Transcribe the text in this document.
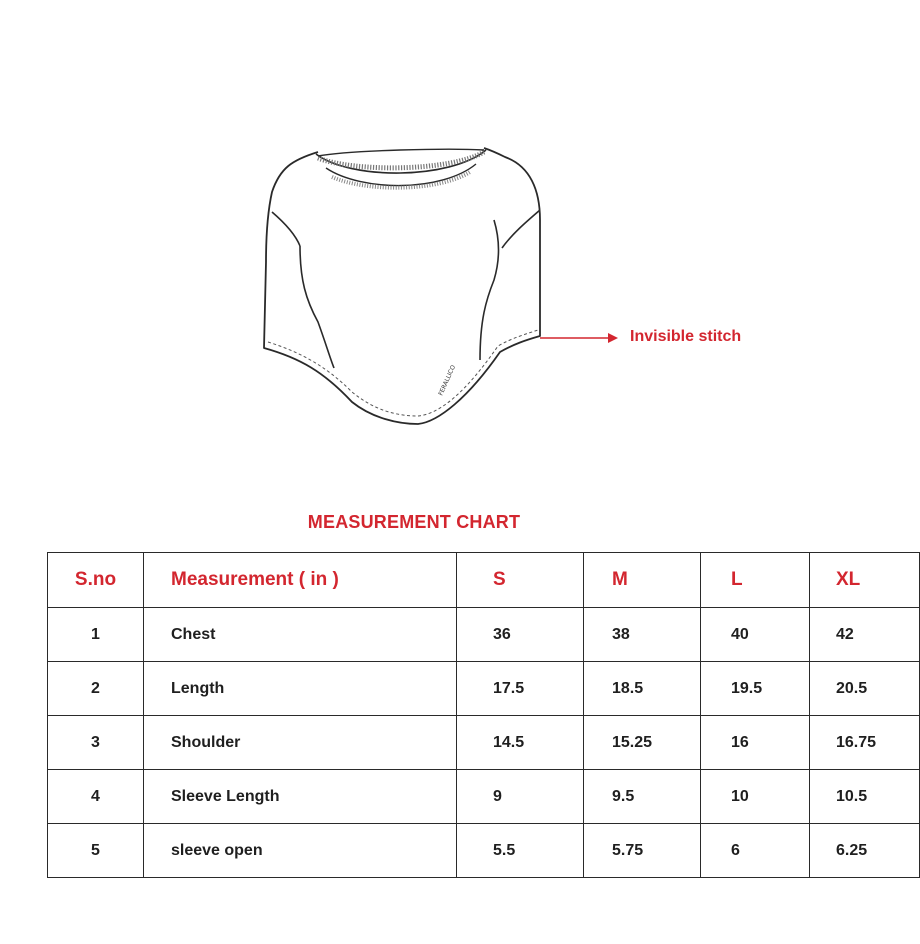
FERALLICO
Invisible stitch
MEASUREMENT CHART
S.no	Measurement ( in )	S	M	L	XL
1	Chest	36	38	40	42
2	Length	17.5	18.5	19.5	20.5
3	Shoulder	14.5	15.25	16	16.75
4	Sleeve Length	9	9.5	10	10.5
5	sleeve open	5.5	5.75	6	6.25
